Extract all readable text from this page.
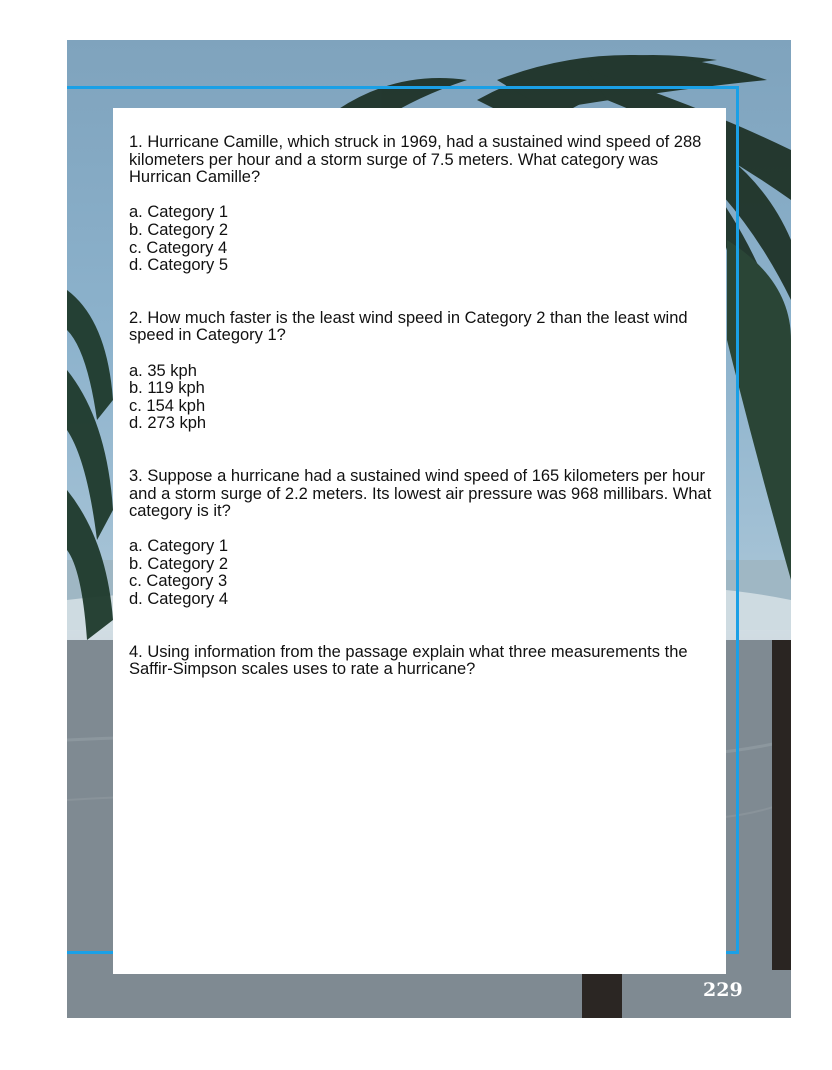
1. Hurricane Camille, which struck in 1969, had a sustained wind speed of 288 kilometers per hour and a storm surge of 7.5 meters. What category was Hurrican Camille?

a. Category 1
b. Category 2
c. Category 4
d. Category 5

2. How much faster is the least wind speed in Category 2 than the least wind speed in Category 1?

a. 35 kph
b. 119 kph
c. 154 kph
d. 273 kph

3. Suppose a hurricane had a sustained wind speed of 165 kilometers per hour and a storm surge of 2.2 meters. Its lowest air pressure was 968 millibars. What category is it?

a. Category 1
b. Category 2
c. Category 3
d. Category 4

4. Using information from the passage explain what three measurements the Saffir-Simpson scales uses to rate a hurricane?

229
